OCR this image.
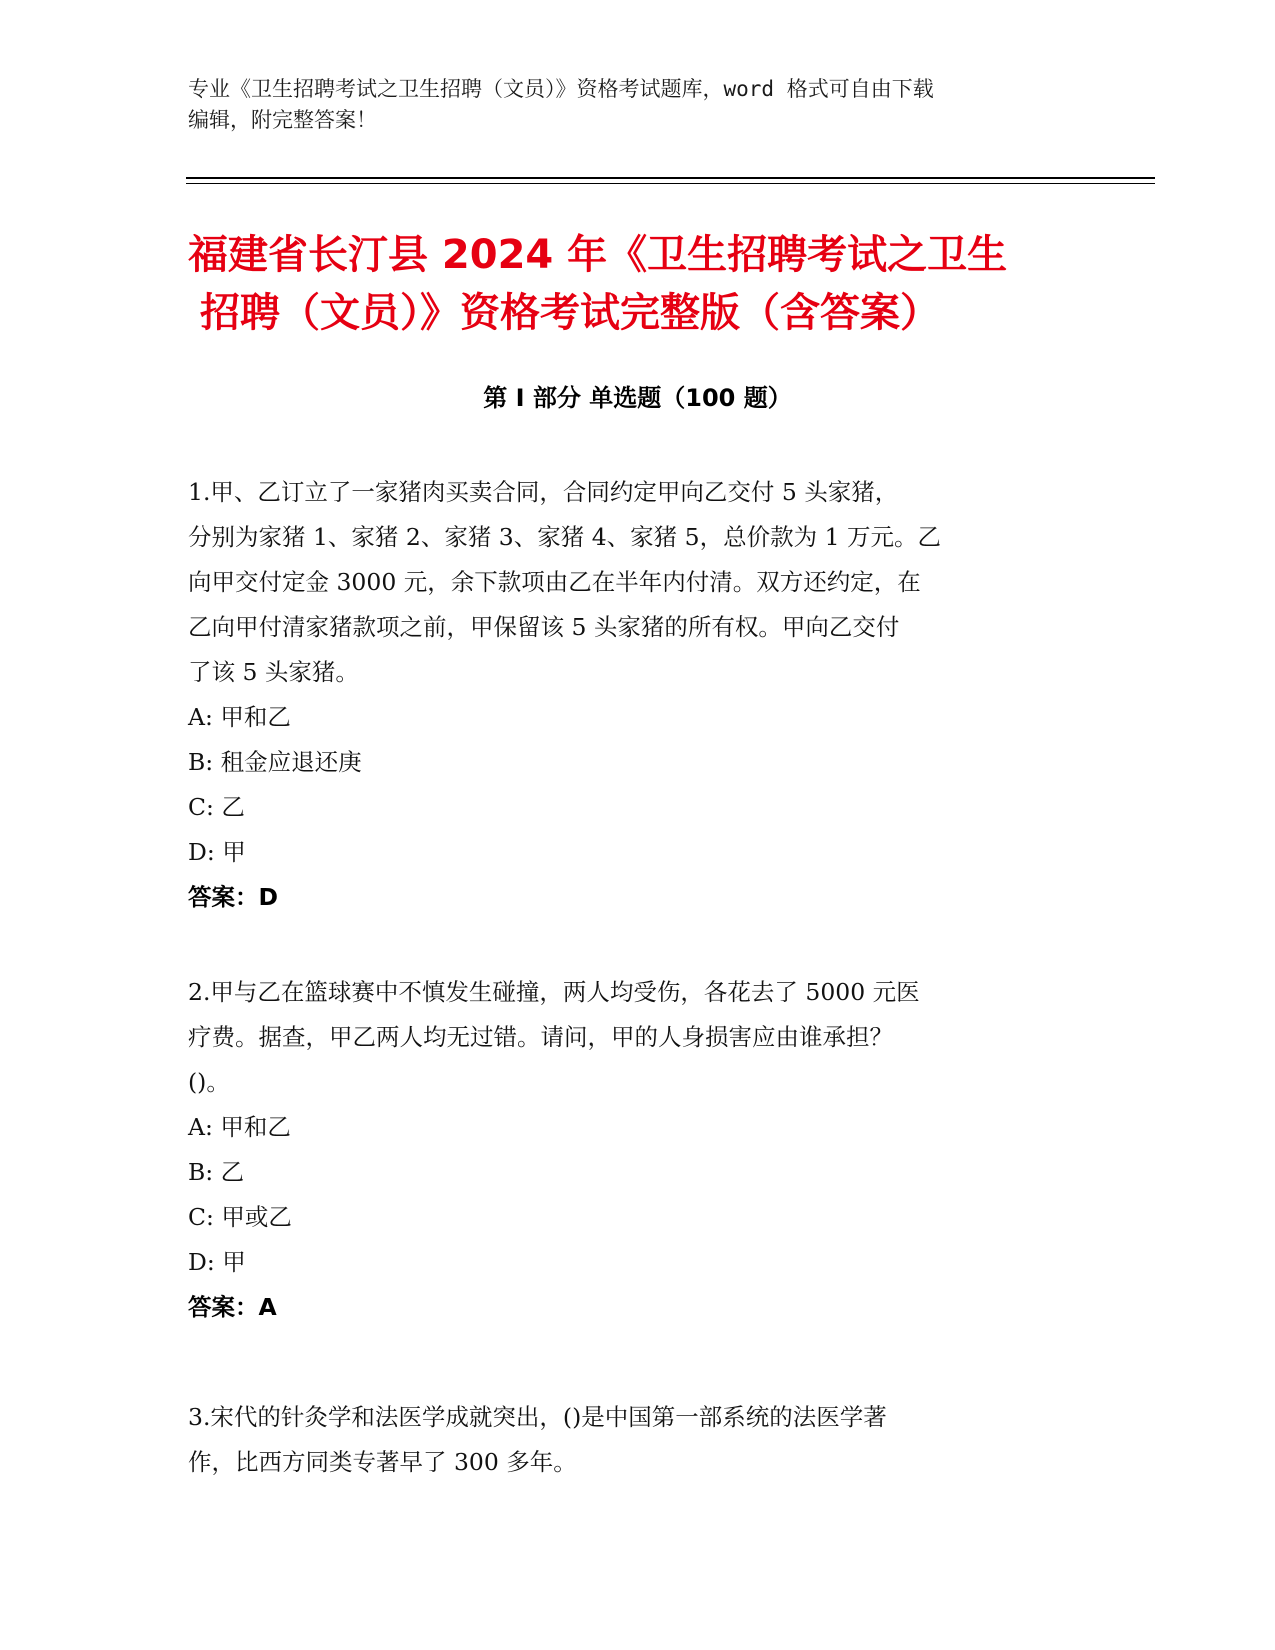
专业《卫生招聘考试之卫生招聘（文员）》资格考试题库，word 格式可自由下载
编辑，附完整答案！
福建省长汀县 2024 年《卫生招聘考试之卫生
招聘（文员）》资格考试完整版（含答案）
第 I 部分 单选题（100 题）
1.甲、乙订立了一家猪肉买卖合同，合同约定甲向乙交付 5 头家猪，
分别为家猪 1、家猪 2、家猪 3、家猪 4、家猪 5，总价款为 1 万元。乙
向甲交付定金 3000 元，余下款项由乙在半年内付清。双方还约定，在
乙向甲付清家猪款项之前，甲保留该 5 头家猪的所有权。甲向乙交付
了该 5 头家猪。
A: 甲和乙
B: 租金应退还庚
C: 乙
D: 甲
答案：D
2.甲与乙在篮球赛中不慎发生碰撞，两人均受伤，各花去了 5000 元医
疗费。据查，甲乙两人均无过错。请问，甲的人身损害应由谁承担？
()。
A: 甲和乙
B: 乙
C: 甲或乙
D: 甲
答案：A
3.宋代的针灸学和法医学成就突出，()是中国第一部系统的法医学著
作，比西方同类专著早了 300 多年。
